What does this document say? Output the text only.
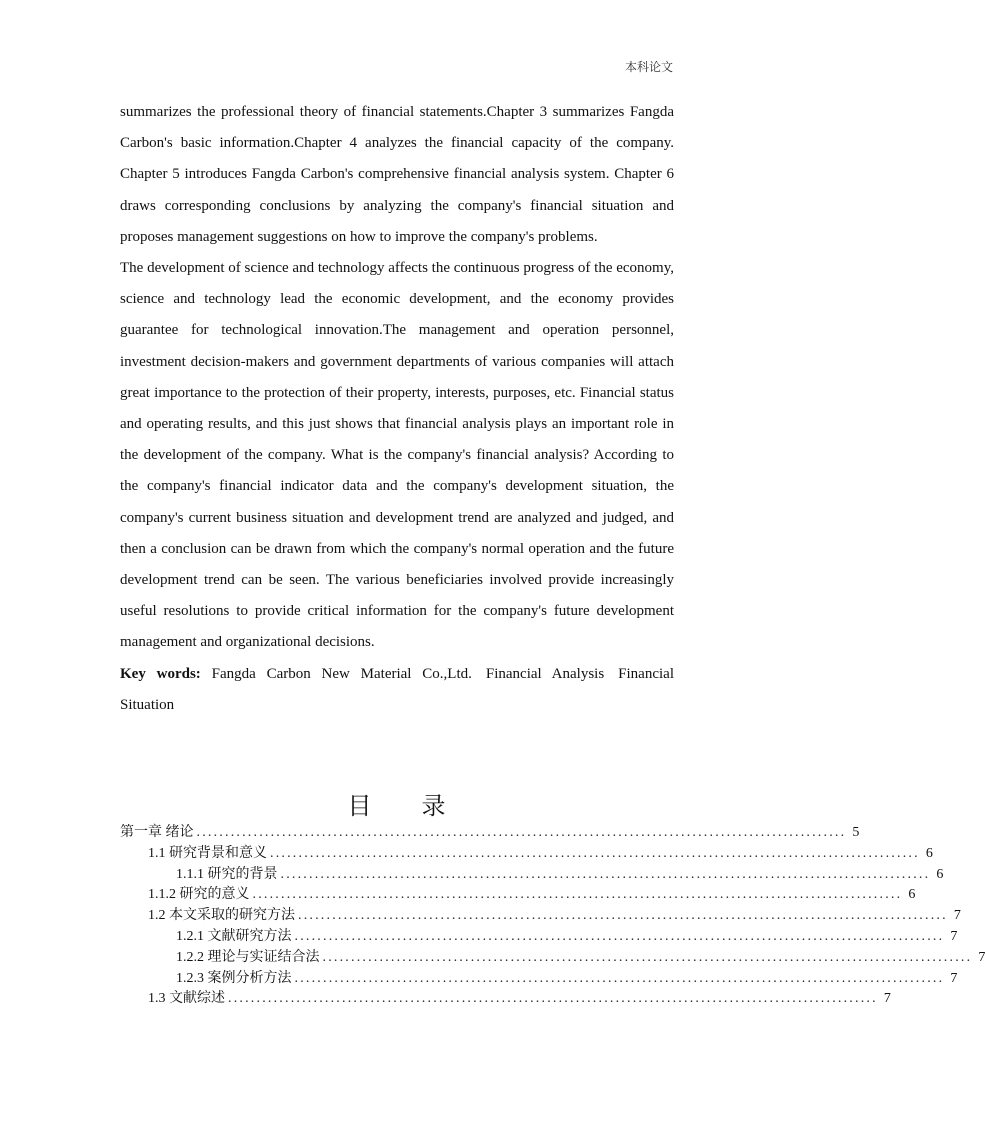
本科论文

summarizes the professional theory of financial statements.Chapter 3 summarizes Fangda Carbon's basic information.Chapter 4 analyzes the financial capacity of the company. Chapter 5 introduces Fangda Carbon's comprehensive financial analysis system. Chapter 6 draws corresponding conclusions by analyzing the company's financial situation and proposes management suggestions on how to improve the company's problems.

The development of science and technology affects the continuous progress of the economy, science and technology lead the economic development, and the economy provides guarantee for technological innovation.The management and operation personnel, investment decision-makers and government departments of various companies will attach great importance to the protection of their property, interests, purposes, etc. Financial status and operating results, and this just shows that financial analysis plays an important role in the development of the company. What is the company's financial analysis? According to the company's financial indicator data and the company's development situation, the company's current business situation and development trend are analyzed and judged, and then a conclusion can be drawn from which the company's normal operation and the future development trend can be seen. The various beneficiaries involved provide increasingly useful resolutions to provide critical information for the company's future development management and organizational decisions.

Key words: Fangda Carbon New Material Co.,Ltd. Financial Analysis Financial Situation

目 录
第一章 绪论 .................................................................................................................. 5
1.1 研究背景和意义 .................................................................................................................. 6
1.1.1 研究的背景 .................................................................................................................. 6
1.1.2 研究的意义 .................................................................................................................. 6
1.2 本文采取的研究方法 .................................................................................................................. 7
1.2.1 文献研究方法 .................................................................................................................. 7
1.2.2 理论与实证结合法 .................................................................................................................. 7
1.2.3 案例分析方法 .................................................................................................................. 7
1.3 文献综述 .................................................................................................................. 7
